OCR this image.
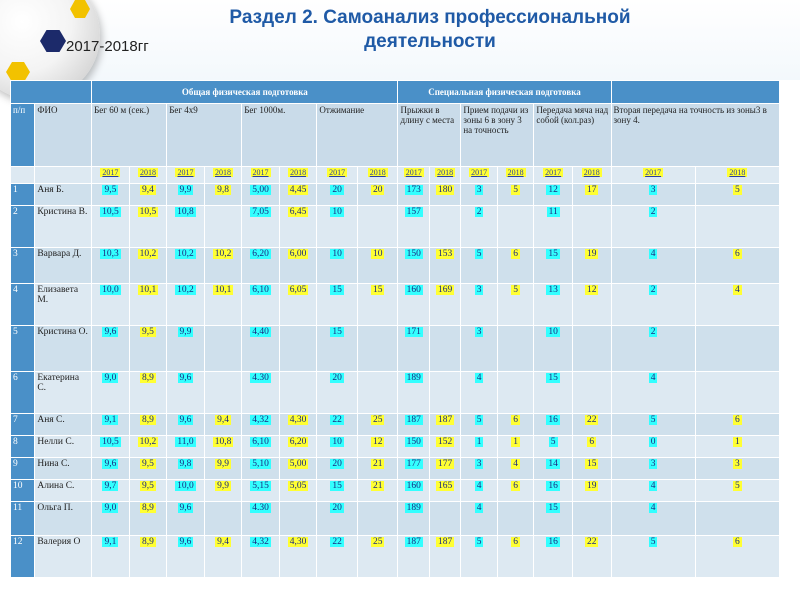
2017-2018гг
Раздел 2. Самоанализ профессиональной
деятельности
		Общая физическая подготовка								Специальная физическая подготовка							
п/п	ФИО	Бег 60 м (сек.)		Бег 4х9		Бег 1000м.		Отжимание		Прыжки в длину с места		Прием подачи из зоны 6 в зону 3 на точность		Передача мяча над собой (кол.раз)		Вторая передача на точность из зоны3 в зону 4.	
		2017	2018	2017	2018	2017	2018	2017	2018	2017	2018	2017	2018	2017	2018	2017	2018
1	Аня Б.	9,5	9,4	9,9	9,8	5,00	4,45	20	20	173	180	3	5	12	17	3	5
2	Кристина В.	10,5	10,5	10,8		7,05	6,45	10		157		2		11		2	
3	Варвара Д.	10,3	10,2	10,2	10,2	6,20	6,00	10	10	150	153	5	6	15	19	4	6
4	Елизавета М.	10,0	10,1	10,2	10,1	6,10	6,05	15	15	160	169	3	5	13	12	2	4
5	Кристина О.	9,6	9,5	9,9		4,40		15		171		3		10		2	
6	Екатерина С.	9,0	8,9	9,6		4.30		20		189		4		15		4	
7	Аня С.	9,1	8,9	9,6	9,4	4,32	4,30	22	25	187	187	5	6	16	22	5	6
8	Нелли С.	10,5	10,2	11,0	10,8	6,10	6,20	10	12	150	152	1	1	5	6	0	1
9	Нина С.	9,6	9,5	9,8	9,9	5,10	5,00	20	21	177	177	3	4	14	15	3	3
10	Алина С.	9,7	9,5	10,0	9,9	5,15	5,05	15	21	160	165	4	6	16	19	4	5
11	Ольга П.	9,0	8,9	9,6		4.30		20		189		4		15		4	
12	Валерия О	9,1	8,9	9,6	9,4	4,32	4,30	22	25	187	187	5	6	16	22	5	6
